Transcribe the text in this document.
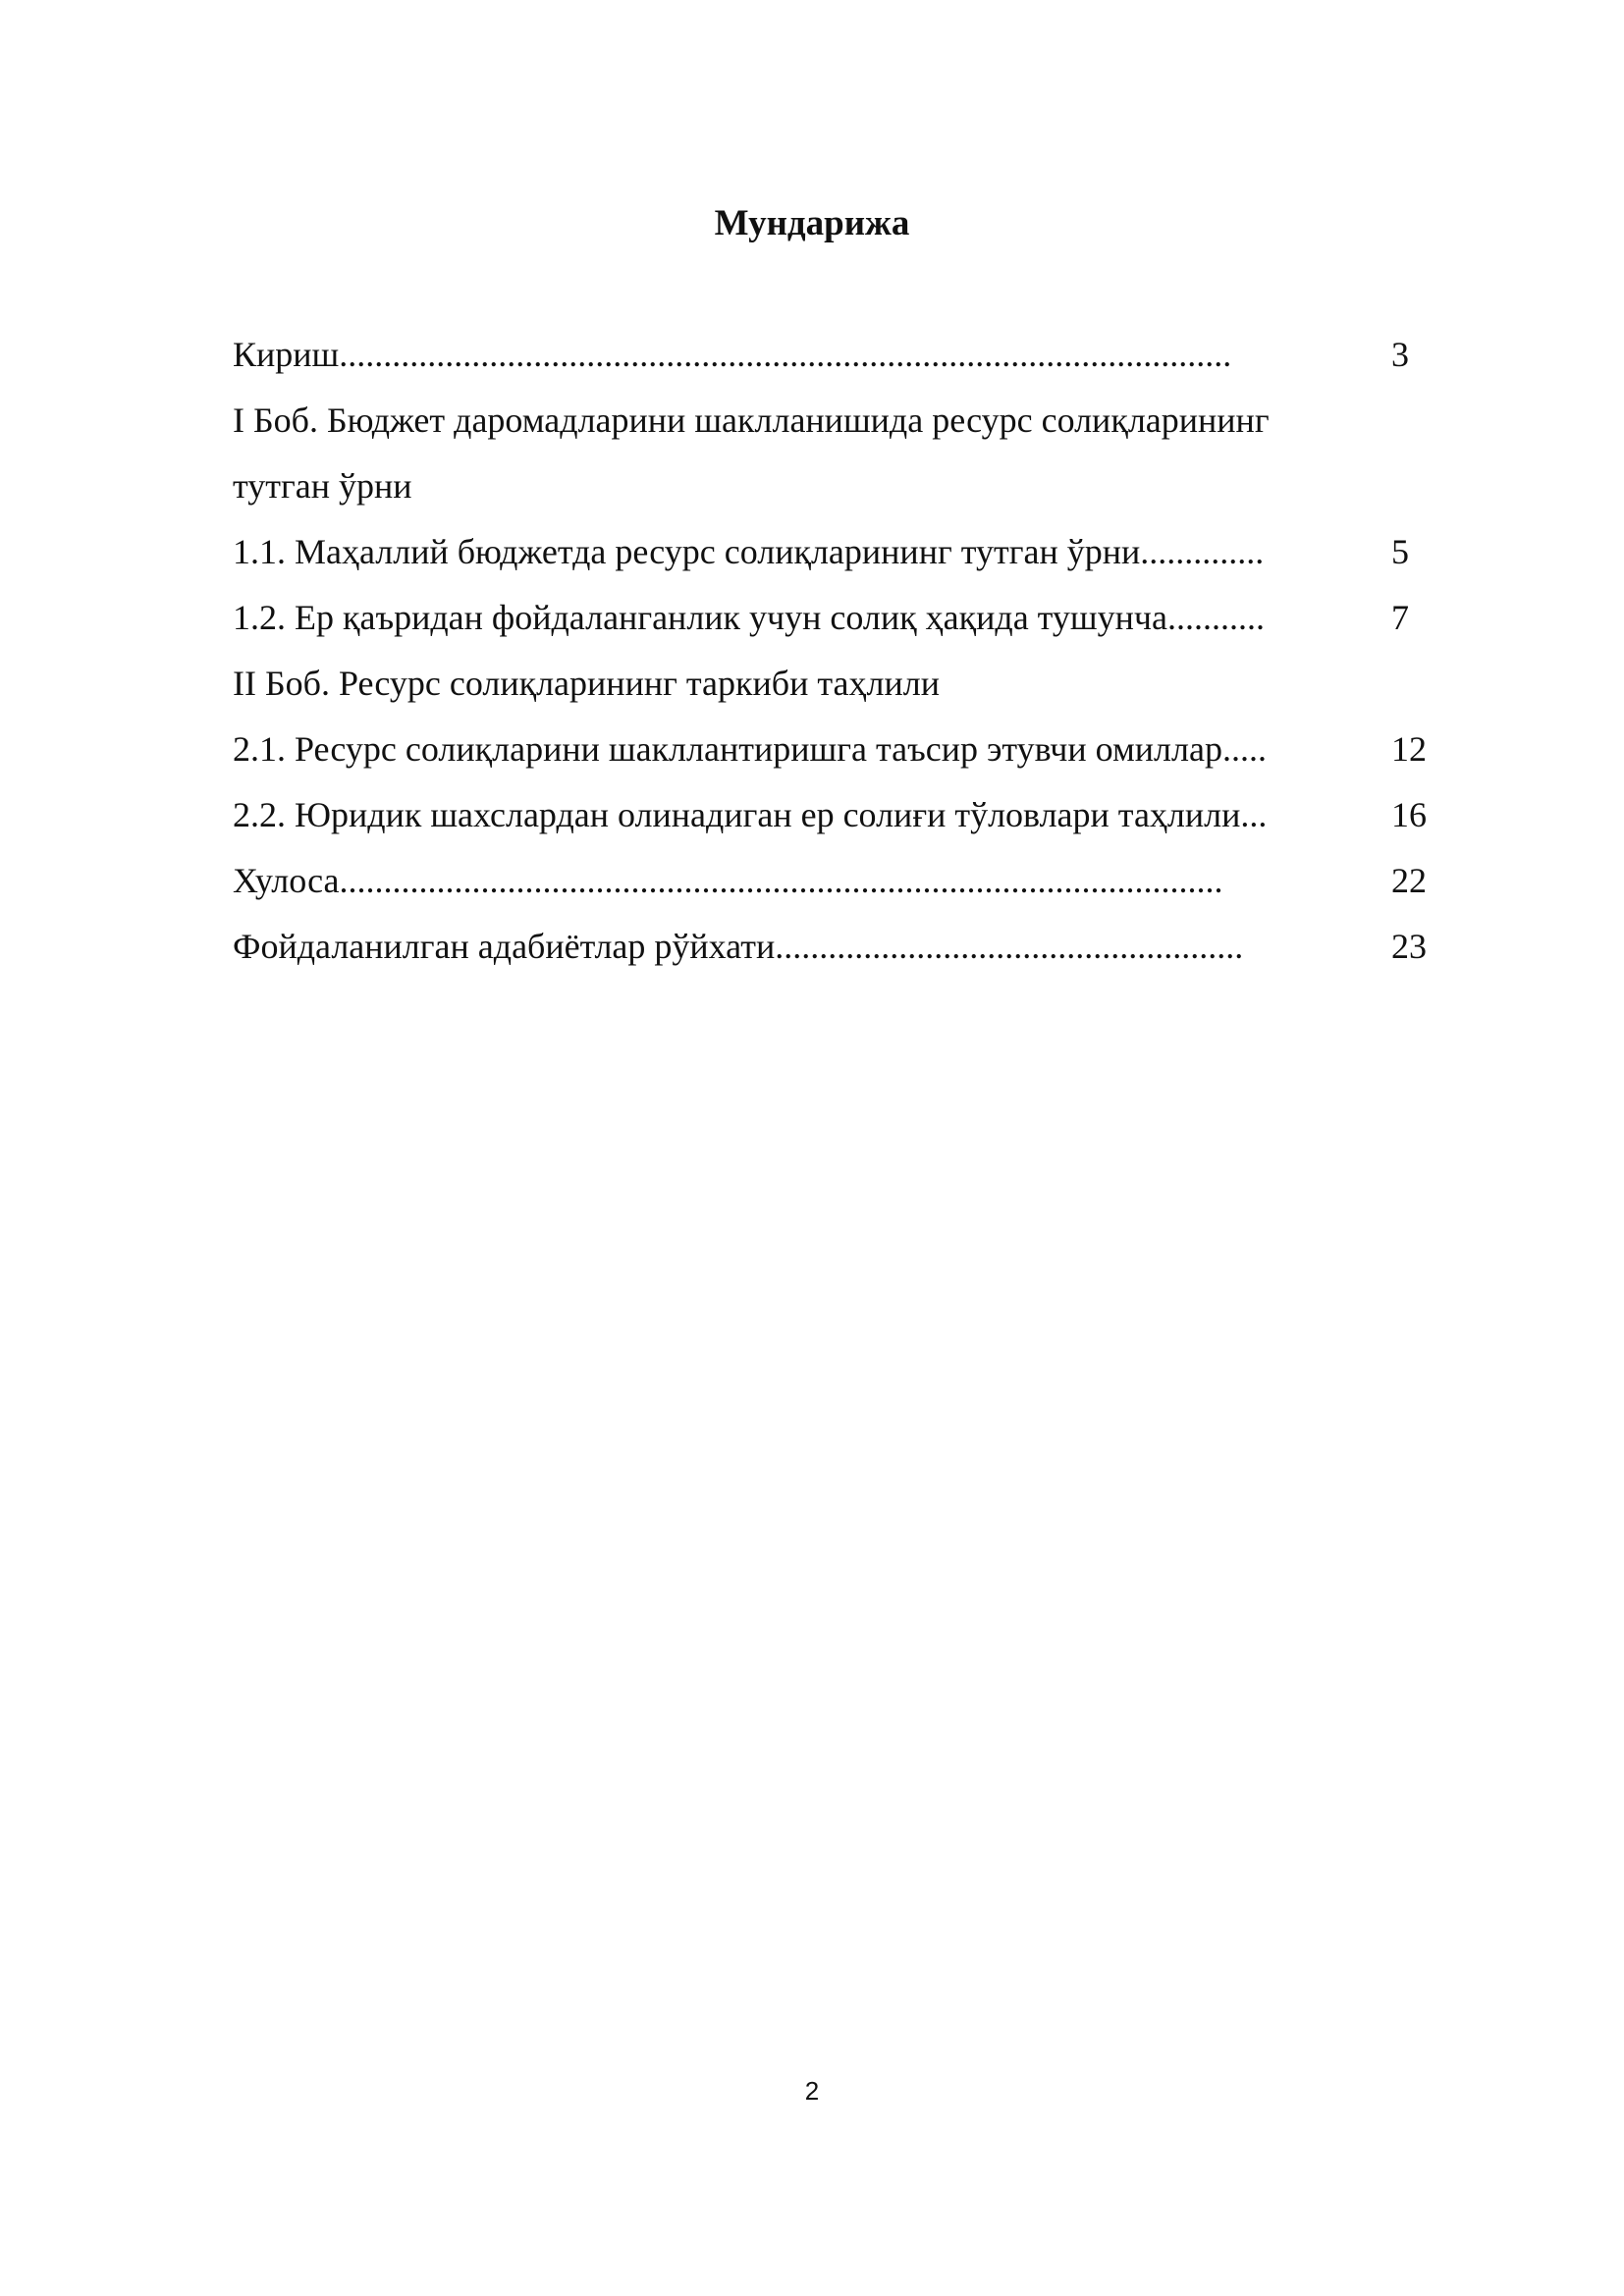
Мундарижа
Кириш.....................................................................................................	3
I Боб. Бюджет даромадларини шаклланишида ресурс солиқларининг
тутган ўрни
1.1. Маҳаллий бюджетда ресурс солиқларининг тутган ўрни..............	5
1.2. Ер қаъридан фойдаланганлик учун солиқ ҳақида тушунча...........	7
II Боб. Ресурс солиқларининг таркиби таҳлили
2.1. Ресурс солиқларини шакллантиришга таъсир этувчи омиллар.....	12
2.2. Юридик шахслардан олинадиган ер солиғи тўловлари таҳлили...	16
Хулоса....................................................................................................	22
Фойдаланилган адабиётлар рўйхати.....................................................	23
2
